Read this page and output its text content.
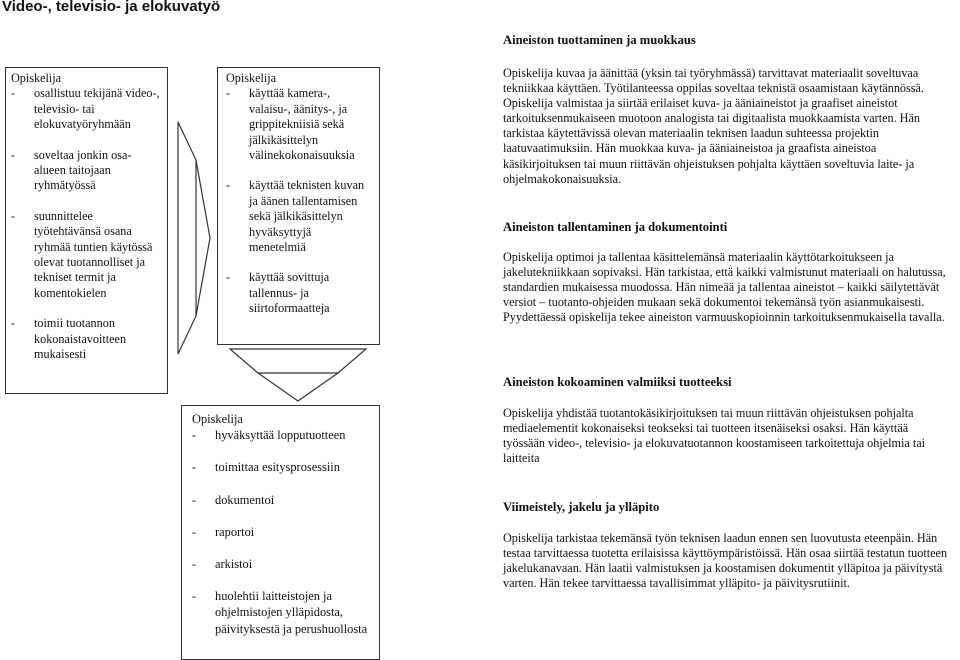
Video-, televisio- ja elokuvatyö
Opiskelija
- osallistuu tekijänä video-, televisio- tai elokuvatyöryhmään
- soveltaa jonkin osa-alueen taitojaan ryhmätyössä
- suunnittelee työtehtävänsä osana ryhmää tuntien käytössä olevat tuotannolliset ja tekniset termit ja komentokielen
- toimii tuotannon kokonaistavoitteen mukaisesti
Opiskelija
- käyttää kamera-, valaisu-, äänitys-, ja grippitekniisiä sekä jälkikäsittelyn välinekokonaisuuksia
- käyttää teknisten kuvan ja äänen tallentamisen sekä jälkikäsittelyn hyväksyttyjä menetelmiä
- käyttää sovittuja tallennus- ja siirtoformaatteja
Opiskelija
- hyväksyttää lopputuotteen
- toimittaa esitysprosessiin
- dokumentoi
- raportoi
- arkistoi
- huolehtii laitteistojen ja ohjelmistojen ylläpidosta, päivityksestä ja perushuollosta
Aineiston tuottaminen ja muokkaus

Opiskelija kuvaa ja äänittää (yksin tai työryhmässä) tarvittavat materiaalit soveltuvaa tekniikkaa käyttäen. Työtilanteessa oppilas soveltaa teknistä osaamistaan käytännössä. Opiskelija valmistaa ja siirtää erilaiset kuva- ja ääniaineistot ja graafiset aineistot tarkoituksenmukaiseen muotoon analogista tai digitaalista muokkaamista varten. Hän tarkistaa käytettävissä olevan materiaalin teknisen laadun suhteessa projektin laatuvaatimuksiin. Hän muokkaa kuva- ja ääniaineistoa ja graafista aineistoa käsikirjoituksen tai muun riittävän ohjeistuksen pohjalta käyttäen soveltuvia laite- ja ohjelmakokonaisuuksia.

Aineiston tallentaminen ja dokumentointi

Opiskelija optimoi ja tallentaa käsittelemänsä materiaalin käyttötarkoitukseen ja jakelutekniikkaan sopivaksi. Hän tarkistaa, että kaikki valmistunut materiaali on halutussa, standardien mukaisessa muodossa. Hän nimeää ja tallentaa aineistot – kaikki säilytettävät versiot – tuotanto-ohjeiden mukaan sekä dokumentoi tekemänsä työn asianmukaisesti. Pyydettäessä opiskelija tekee aineiston varmuuskopioinnin tarkoituksenmukaisella tavalla.

Aineiston kokoaminen valmiiksi tuotteeksi

Opiskelija yhdistää tuotantokäsikirjoituksen tai muun riittävän ohjeistuksen pohjalta mediaelementit kokonaiseksi teokseksi tai tuotteen itsenäiseksi osaksi. Hän käyttää työssään video-, televisio- ja elokuvatuotannon koostamiseen tarkoitettuja ohjelmia tai laitteita

Viimeistely, jakelu ja ylläpito

Opiskelija tarkistaa tekemänsä työn teknisen laadun ennen sen luovutusta eteenpäin. Hän testaa tarvittaessa tuotetta erilaisissa käyttöympäristöissä. Hän osaa siirtää testatun tuotteen jakelukanavaan. Hän laatii valmistuksen ja koostamisen dokumentit ylläpitoa ja päivitystä varten. Hän tekee tarvittaessa tavallisimmat ylläpito- ja päivitysrutiinit.
